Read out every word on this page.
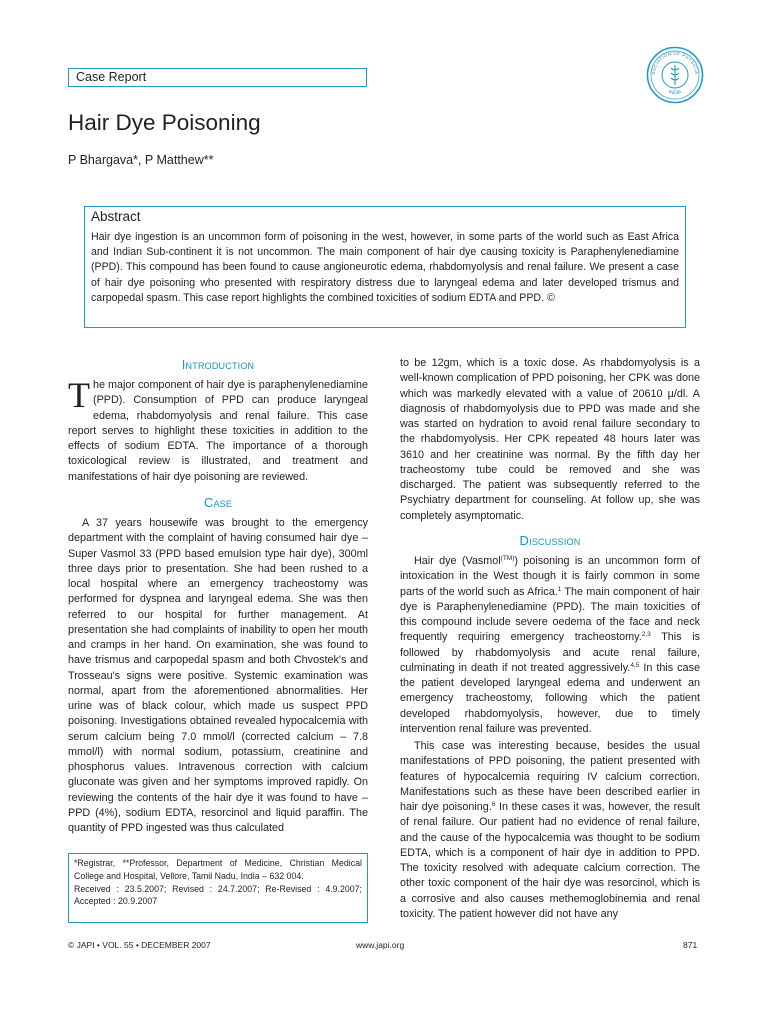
Case Report	SOCIATION OF PHYSICIA
INDIA
Hair Dye Poisoning
P Bhargava*, P Matthew**
Abstract
Hair dye ingestion is an uncommon form of poisoning in the west, however, in some parts of the world such as East Africa and Indian Sub-continent it is not uncommon. The main component of hair dye causing toxicity is Paraphenylenediamine (PPD). This compound has been found to cause angioneurotic edema, rhabdomyolysis and renal failure. We present a case of hair dye poisoning who presented with respiratory distress due to laryngeal edema and later developed trismus and carpopedal spasm. This case report highlights the combined toxicities of sodium EDTA and PPD. ©
Introduction
The major component of hair dye is paraphenylenediamine (PPD). Consumption of PPD can produce laryngeal edema, rhabdomyolysis and renal failure. This case report serves to highlight these toxicities in addition to the effects of sodium EDTA. The importance of a thorough toxicological review is illustrated, and treatment and manifestations of hair dye poisoning are reviewed.
Case

A 37 years housewife was brought to the emergency department with the complaint of having consumed hair dye – Super Vasmol 33 (PPD based emulsion type hair dye), 300ml three days prior to presentation. She had been rushed to a local hospital where an emergency tracheostomy was performed for dyspnea and laryngeal edema. She was then referred to our hospital for further management. At presentation she had complaints of inability to open her mouth and cramps in her hand. On examination, she was found to have trismus and carpopedal spasm and both Chvostek's and Trosseau's signs were positive. Systemic examination was normal, apart from the aforementioned abnormalities. Her urine was of black colour, which made us suspect PPD poisoning. Investigations obtained revealed hypocalcemia with serum calcium being 7.0 mmol/l (corrected calcium – 7.8 mmol/l) with normal sodium, potassium, creatinine and phosphorus values. Intravenous correction with calcium gluconate was given and her symptoms improved rapidly. On reviewing the contents of the hair dye it was found to have – PPD (4%), sodium EDTA, resorcinol and liquid paraffin. The quantity of PPD ingested was thus calculated

*Registrar, **Professor, Department of Medicine, Christian Medical College and Hospital, Vellore, Tamil Nadu, India – 632 004.

Received : 23.5.2007; Revised : 24.7.2007; Re-Revised : 4.9.2007; Accepted : 20.9.2007

to be 12gm, which is a toxic dose. As rhabdomyolysis is a well-known complication of PPD poisoning, her CPK was done which was markedly elevated with a value of 20610 µ/dl. A diagnosis of rhabdomyolysis due to PPD was made and she was started on hydration to avoid renal failure secondary to the rhabdomyolysis. Her CPK repeated 48 hours later was 3610 and her creatinine was normal. By the fifth day her tracheostomy tube could be removed and she was discharged. The patient was subsequently referred to the Psychiatry department for counseling. At follow up, she was completely asymptomatic.

Discussion

Hair dye (Vasmol$^{(TM)}$) poisoning is an uncommon form of intoxication in the West though it is fairly common in some parts of the world such as Africa.$^1$ The main component of hair dye is Paraphenylenediamine (PPD). The main toxicities of this compound include severe oedema of the face and neck frequently requiring emergency tracheostomy.$^{2,3}$ This is followed by rhabdomyolysis and acute renal failure, culminating in death if not treated aggressively.$^{4,5}$ In this case the patient developed laryngeal edema and underwent an emergency tracheostomy, following which the patient developed rhabdomyolysis, however, due to timely intervention renal failure was prevented.

This case was interesting because, besides the usual manifestations of PPD poisoning, the patient presented with features of hypocalcemia requiring IV calcium correction. Manifestations such as these have been described earlier in hair dye poisoning.$^6$ In these cases it was, however, the result of renal failure. Our patient had no evidence of renal failure, and the cause of the hypocalcemia was thought to be sodium EDTA, which is a component of hair dye in addition to PPD. The toxicity resolved with adequate calcium correction. The other toxic component of the hair dye was resorcinol, which is a corrosive and also causes methemoglobinemia and renal toxicity. The patient however did not have any

© JAPI • VOL. 55 • DECEMBER 2007	www.japi.org	871
